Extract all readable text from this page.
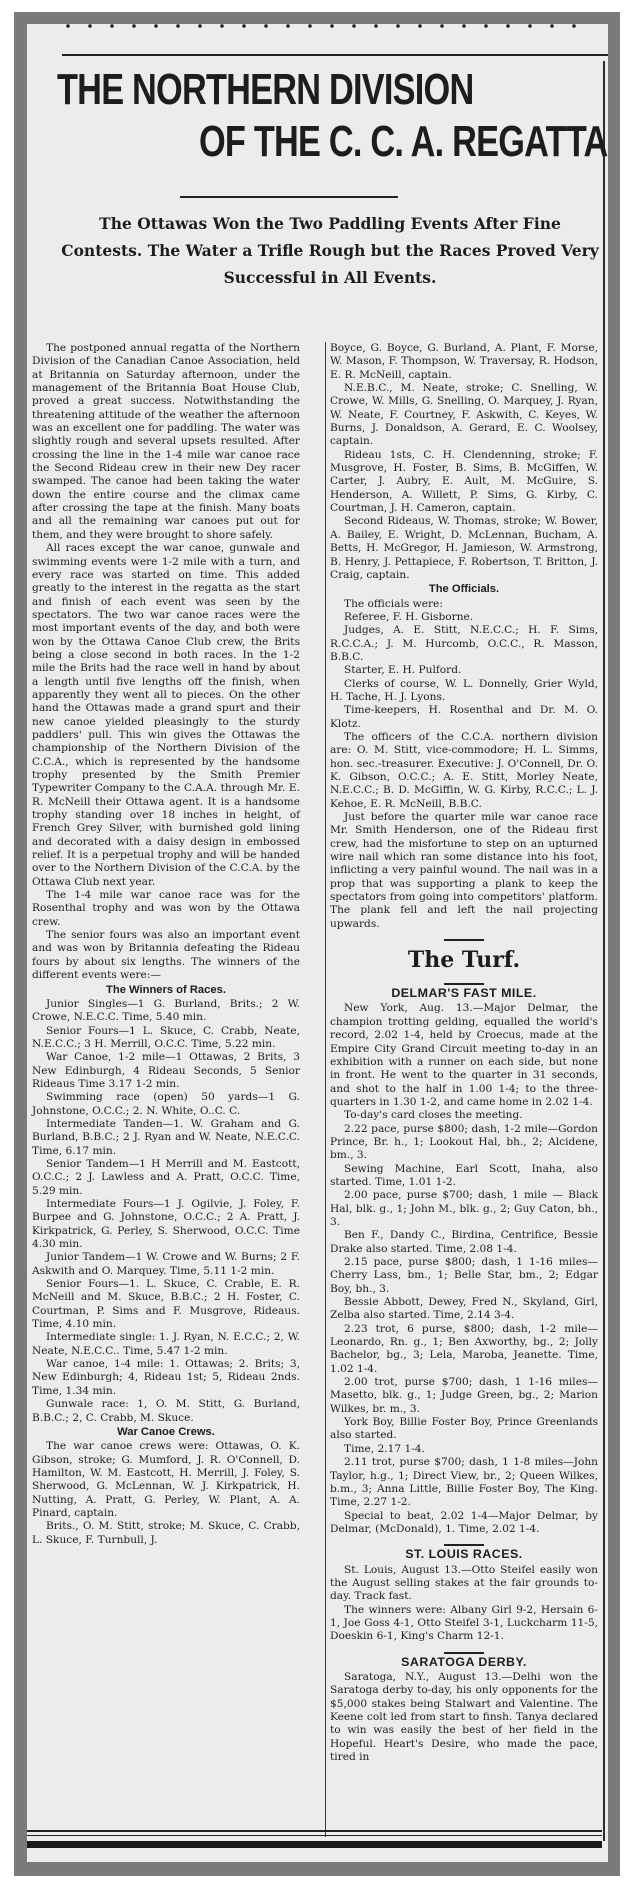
THE NORTHERN DIVISION
OF THE C. C. A. REGATTA
The Ottawas Won the Two Paddling Events After Fine Contests. The Water a Trifle Rough but the Races Proved Very Successful in All Events.

The postponed annual regatta of the Northern Division of the Canadian Canoe Association, held at Britannia on Saturday afternoon, under the management of the Britannia Boat House Club, proved a great success. Notwithstanding the threatening attitude of the weather the afternoon was an excellent one for paddling. The water was slightly rough and several upsets resulted. After crossing the line in the 1-4 mile war canoe race the Second Rideau crew in their new Dey racer swamped. The canoe had been taking the water down the entire course and the climax came after crossing the tape at the finish. Many boats and all the remaining war canoes put out for them, and they were brought to shore safely.

All races except the war canoe, gunwale and swimming events were 1-2 mile with a turn, and every race was started on time. This added greatly to the interest in the regatta as the start and finish of each event was seen by the spectators. The two war canoe races were the most important events of the day, and both were won by the Ottawa Canoe Club crew, the Brits being a close second in both races. In the 1-2 mile the Brits had the race well in hand by about a length until five lengths off the finish, when apparently they went all to pieces. On the other hand the Ottawas made a grand spurt and their new canoe yielded pleasingly to the sturdy paddlers' pull. This win gives the Ottawas the championship of the Northern Division of the C.C.A., which is represented by the handsome trophy presented by the Smith Premier Typewriter Company to the C.A.A. through Mr. E. R. McNeill their Ottawa agent. It is a handsome trophy standing over 18 inches in height, of French Grey Silver, with burnished gold lining and decorated with a daisy design in embossed relief. It is a perpetual trophy and will be handed over to the Northern Division of the C.C.A. by the Ottawa Club next year.

The 1-4 mile war canoe race was for the Rosenthal trophy and was won by the Ottawa crew.

The senior fours was also an important event and was won by Britannia defeating the Rideau fours by about six lengths. The winners of the different events were:—

The Winners of Races.

Junior Singles—1 G. Burland, Brits.; 2 W. Crowe, N.E.C.C. Time, 5.40 min.

Senior Fours—1 L. Skuce, C. Crabb, Neate, N.E.C.C.; 3 H. Merrill, O.C.C. Time, 5.22 min.

War Canoe, 1-2 mile—1 Ottawas, 2 Brits, 3 New Edinburgh, 4 Rideau Seconds, 5 Senior Rideaus Time 3.17 1-2 min.

Swimming race (open) 50 yards—1 G. Johnstone, O.C.C.; 2. N. White, O..C. C.

Intermediate Tanden—1. W. Graham and G. Burland, B.B.C.; 2 J. Ryan and W. Neate, N.E.C.C. Time, 6.17 min.

Senior Tandem—1 H Merrill and M. Eastcott, O.C.C.; 2 J. Lawless and A. Pratt, O.C.C. Time, 5.29 min.

Intermediate Fours—1 J. Ogilvie, J. Foley, F. Burpee and G. Johnstone, O.C.C.; 2 A. Pratt, J. Kirkpatrick, G. Perley, S. Sherwood, O.C.C. Time 4.30 min.

Junior Tandem—1 W. Crowe and W. Burns; 2 F. Askwith and O. Marquey. Time, 5.11 1-2 min.

Senior Fours—1. L. Skuce, C. Crable, E. R. McNeill and M. Skuce, B.B.C.; 2 H. Foster, C. Courtman, P. Sims and F. Musgrove, Rideaus. Time, 4.10 min.

Intermediate single: 1. J. Ryan, N. E.C.C.; 2, W. Neate, N.E.C.C.. Time, 5.47 1-2 min.

War canoe, 1-4 mile: 1. Ottawas; 2. Brits; 3, New Edinburgh; 4, Rideau 1st; 5, Rideau 2nds. Time, 1.34 min.

Gunwale race: 1, O. M. Stitt, G. Burland, B.B.C.; 2, C. Crabb, M. Skuce.

War Canoe Crews.

The war canoe crews were: Ottawas, O. K. Gibson, stroke; G. Mumford, J. R. O'Connell, D. Hamilton, W. M. Eastcott, H. Merrill, J. Foley, S. Sherwood, G. McLennan, W. J. Kirkpatrick, H. Nutting, A. Pratt, G. Perley, W. Plant, A. A. Pinard, captain.

Brits., O. M. Stitt, stroke; M. Skuce, C. Crabb, L. Skuce, F. Turnbull, J.

Boyce, G. Boyce, G. Burland, A. Plant, F. Morse, W. Mason, F. Thompson, W. Traversay, R. Hodson, E. R. McNeill, captain.

N.E.B.C., M. Neate, stroke; C. Snelling, W. Crowe, W. Mills, G. Snelling, O. Marquey, J. Ryan, W. Neate, F. Courtney, F. Askwith, C. Keyes, W. Burns, J. Donaldson, A. Gerard, E. C. Woolsey, captain.

Rideau 1sts, C. H. Clendenning, stroke; F. Musgrove, H. Foster, B. Sims, B. McGiffen, W. Carter, J. Aubry, E. Ault, M. McGuire, S. Henderson, A. Willett, P. Sims, G. Kirby, C. Courtman, J. H. Cameron, captain.

Second Rideaus, W. Thomas, stroke; W. Bower, A. Bailey, E. Wright, D. McLennan, Bucham, A. Betts, H. McGregor, H. Jamieson, W. Armstrong, B. Henry, J. Pettapiece, F. Robertson, T. Britton, J. Craig, captain.

The Officials.

The officials were:

Referee, F. H. Gisborne.

Judges, A. E. Stitt, N.E.C.C.; H. F. Sims, R.C.C.A.; J. M. Hurcomb, O.C.C., R. Masson, B.B.C.

Starter, E. H. Pulford.

Clerks of course, W. L. Donnelly, Grier Wyld, H. Tache, H. J. Lyons.

Time-keepers, H. Rosenthal and Dr. M. O. Klotz.

The officers of the C.C.A. northern division are: O. M. Stitt, vice-commodore; H. L. Simms, hon. sec.-treasurer. Executive: J. O'Connell, Dr. O. K. Gibson, O.C.C.; A. E. Stitt, Morley Neate, N.E.C.C.; B. D. McGiffin, W. G. Kirby, R.C.C.; L. J. Kehoe, E. R. McNeill, B.B.C.

Just before the quarter mile war canoe race Mr. Smith Henderson, one of the Rideau first crew, had the misfortune to step on an upturned wire nail which ran some distance into his foot, inflicting a very painful wound. The nail was in a prop that was supporting a plank to keep the spectators from going into competitors' platform. The plank fell and left the nail projecting upwards.

The Turf.
DELMAR'S FAST MILE.

New York, Aug. 13.—Major Delmar, the champion trotting gelding, equalled the world's record, 2.02 1-4, held by Croecus, made at the Empire City Grand Circuit meeting to-day in an exhibition with a runner on each side, but none in front. He went to the quarter in 31 seconds, and shot to the half in 1.00 1-4; to the three- quarters in 1.30 1-2, and came home in 2.02 1-4.

To-day's card closes the meeting.

2.22 pace, purse $800; dash, 1-2 mile—Gordon Prince, Br. h., 1; Lookout Hal, bh., 2; Alcidene, bm., 3.

Sewing Machine, Earl Scott, Inaha, also started. Time, 1.01 1-2.

2.00 pace, purse $700; dash, 1 mile — Black Hal, blk. g., 1; John M., blk. g., 2; Guy Caton, bh., 3.

Ben F., Dandy C., Birdina, Centrifice, Bessie Drake also started. Time, 2.08 1-4.

2.15 pace, purse $800; dash, 1 1-16 miles—Cherry Lass, bm., 1; Belle Star, bm., 2; Edgar Boy, bh., 3.

Bessie Abbott, Dewey, Fred N., Skyland, Girl, Zelba also started. Time, 2.14 3-4.

2.23 trot, 6 purse, $800; dash, 1-2 mile—Leonardo, Rn. g., 1; Ben Axworthy, bg., 2; Jolly Bachelor, bg., 3; Lela, Maroba, Jeanette. Time, 1.02 1-4.

2.00 trot, purse $700; dash, 1 1-16 miles—Masetto, blk. g., 1; Judge Green, bg., 2; Marion Wilkes, br. m., 3.

York Boy, Billie Foster Boy, Prince Greenlands also started.

Time, 2.17 1-4.

2.11 trot, purse $700; dash, 1 1-8 miles—John Taylor, h.g., 1; Direct View, br., 2; Queen Wilkes, b.m., 3; Anna Little, Billie Foster Boy, The King. Time, 2.27 1-2.

Special to beat, 2.02 1-4—Major Delmar, by Delmar, (McDonald), 1. Time, 2.02 1-4.

ST. LOUIS RACES.

St. Louis, August 13.—Otto Steifel easily won the August selling stakes at the fair grounds to-day. Track fast.

The winners were: Albany Girl 9-2, Hersain 6-1, Joe Goss 4-1, Otto Steifel 3-1, Luckcharm 11-5, Doeskin 6-1, King's Charm 12-1.

SARATOGA DERBY.

Saratoga, N.Y., August 13.—Delhi won the Saratoga derby to-day, his only opponents for the $5,000 stakes being Stalwart and Valentine. The Keene colt led from start to finsh. Tanya declared to win was easily the best of her field in the Hopeful. Heart's Desire, who made the pace, tired in
